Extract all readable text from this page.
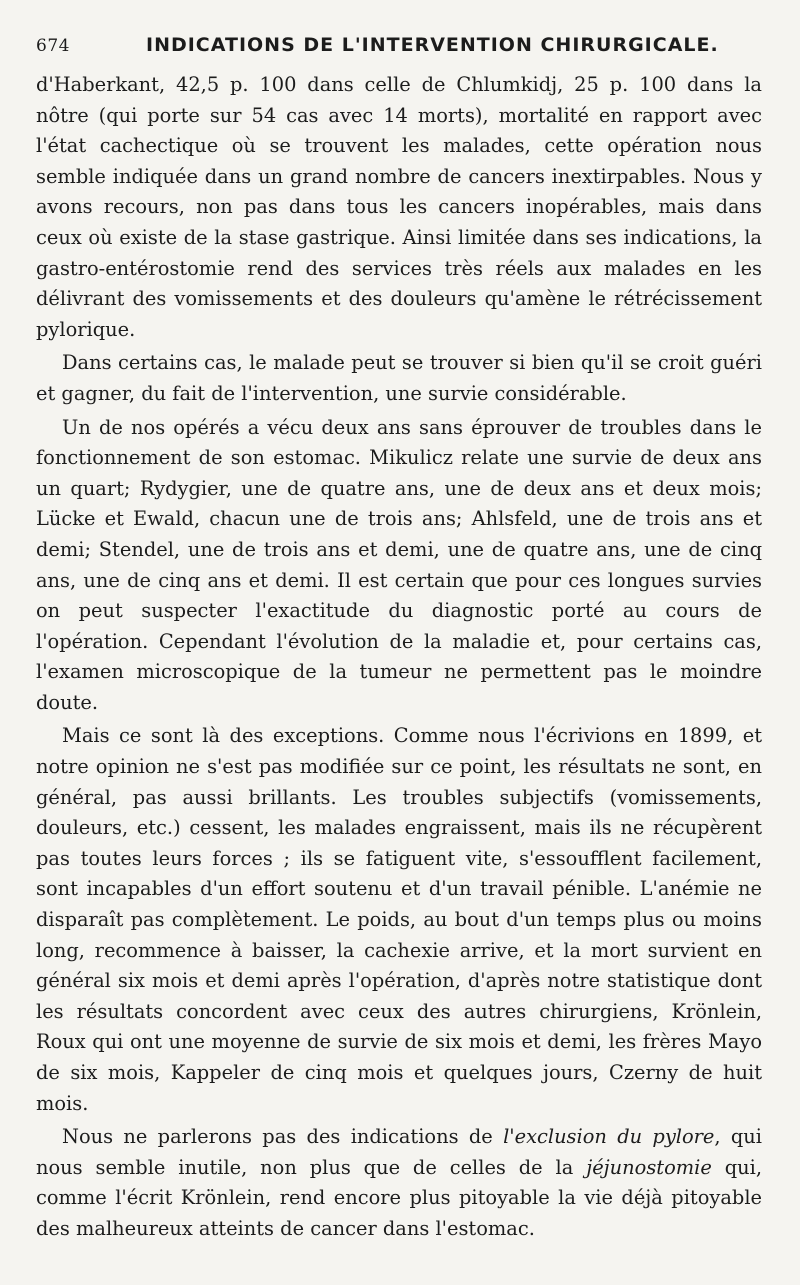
674	INDICATIONS DE L'INTERVENTION CHIRURGICALE.

d'Haberkant, 42,5 p. 100 dans celle de Chlumkidj, 25 p. 100 dans la nôtre (qui porte sur 54 cas avec 14 morts), mortalité en rapport avec l'état cachectique où se trouvent les malades, cette opération nous semble indiquée dans un grand nombre de cancers inextirpables. Nous y avons recours, non pas dans tous les cancers inopérables, mais dans ceux où existe de la stase gastrique. Ainsi limitée dans ses indications, la gastro-entérostomie rend des services très réels aux malades en les délivrant des vomissements et des douleurs qu'amène le rétrécissement pylorique.

Dans certains cas, le malade peut se trouver si bien qu'il se croit guéri et gagner, du fait de l'intervention, une survie considérable.

Un de nos opérés a vécu deux ans sans éprouver de troubles dans le fonctionnement de son estomac. Mikulicz relate une survie de deux ans un quart; Rydygier, une de quatre ans, une de deux ans et deux mois; Lücke et Ewald, chacun une de trois ans; Ahlsfeld, une de trois ans et demi; Stendel, une de trois ans et demi, une de quatre ans, une de cinq ans, une de cinq ans et demi. Il est certain que pour ces longues survies on peut suspecter l'exactitude du diagnostic porté au cours de l'opération. Cependant l'évolution de la maladie et, pour certains cas, l'examen microscopique de la tumeur ne permettent pas le moindre doute.

Mais ce sont là des exceptions. Comme nous l'écrivions en 1899, et notre opinion ne s'est pas modifiée sur ce point, les résultats ne sont, en général, pas aussi brillants. Les troubles subjectifs (vomissements, douleurs, etc.) cessent, les malades engraissent, mais ils ne récupèrent pas toutes leurs forces ; ils se fatiguent vite, s'essoufflent facilement, sont incapables d'un effort soutenu et d'un travail pénible. L'anémie ne disparaît pas complètement. Le poids, au bout d'un temps plus ou moins long, recommence à baisser, la cachexie arrive, et la mort survient en général six mois et demi après l'opération, d'après notre statistique dont les résultats concordent avec ceux des autres chirurgiens, Krönlein, Roux qui ont une moyenne de survie de six mois et demi, les frères Mayo de six mois, Kappeler de cinq mois et quelques jours, Czerny de huit mois.

Nous ne parlerons pas des indications de l'exclusion du pylore, qui nous semble inutile, non plus que de celles de la jéjunostomie qui, comme l'écrit Krönlein, rend encore plus pitoyable la vie déjà pitoyable des malheureux atteints de cancer dans l'estomac.
